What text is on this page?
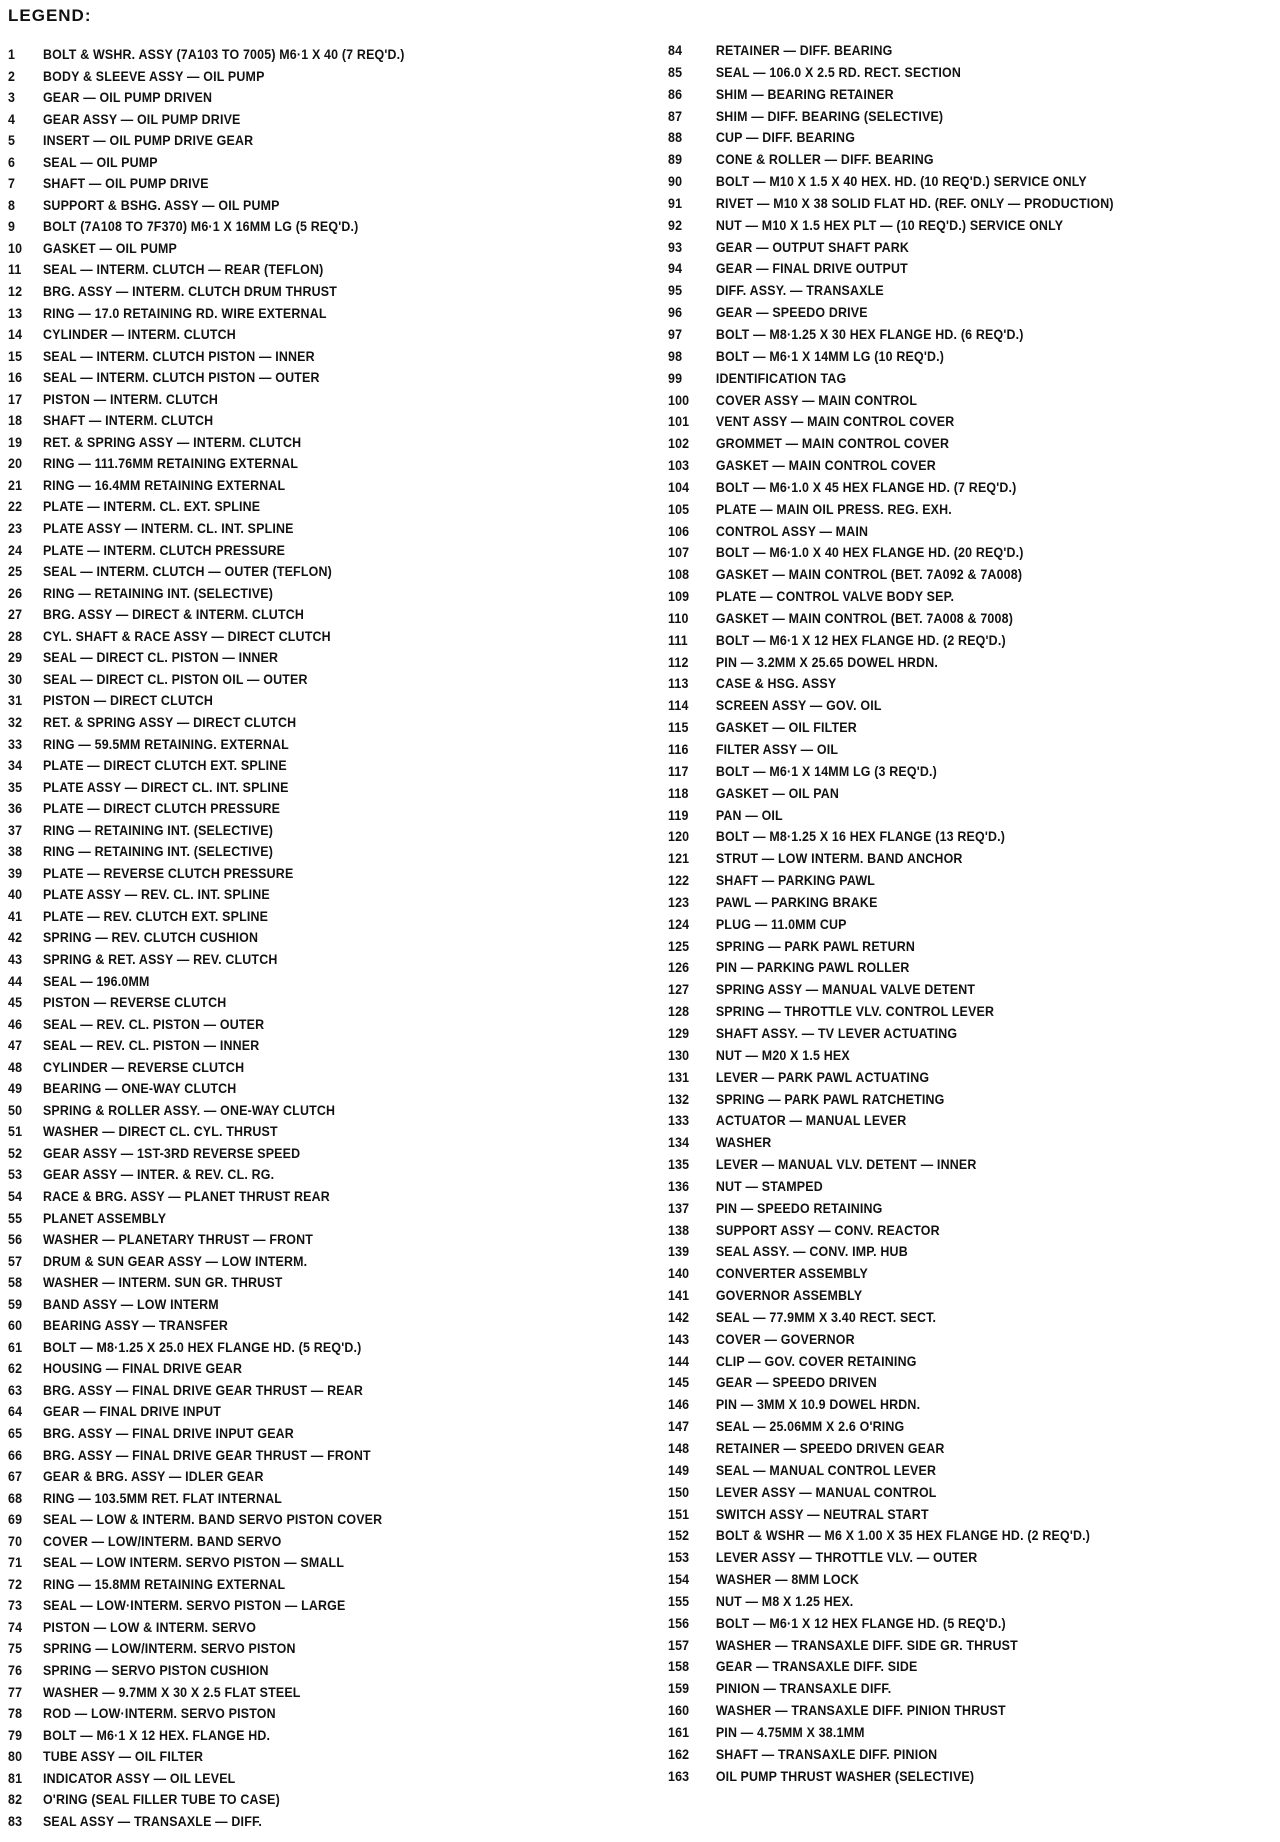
LEGEND:
1	BOLT & WSHR. ASSY (7A103 TO 7005) M6·1 X 40 (7 REQ'D.)
2	BODY & SLEEVE ASSY — OIL PUMP
3	GEAR — OIL PUMP DRIVEN
4	GEAR ASSY — OIL PUMP DRIVE
5	INSERT — OIL PUMP DRIVE GEAR
6	SEAL — OIL PUMP
7	SHAFT — OIL PUMP DRIVE
8	SUPPORT & BSHG. ASSY — OIL PUMP
9	BOLT (7A108 TO 7F370) M6·1 X 16MM LG (5 REQ'D.)
10	GASKET — OIL PUMP
11	SEAL — INTERM. CLUTCH — REAR (TEFLON)
12	BRG. ASSY — INTERM. CLUTCH DRUM THRUST
13	RING — 17.0 RETAINING RD. WIRE EXTERNAL
14	CYLINDER — INTERM. CLUTCH
15	SEAL — INTERM. CLUTCH PISTON — INNER
16	SEAL — INTERM. CLUTCH PISTON — OUTER
17	PISTON — INTERM. CLUTCH
18	SHAFT — INTERM. CLUTCH
19	RET. & SPRING ASSY — INTERM. CLUTCH
20	RING — 111.76MM RETAINING EXTERNAL
21	RING — 16.4MM RETAINING EXTERNAL
22	PLATE — INTERM. CL. EXT. SPLINE
23	PLATE ASSY — INTERM. CL. INT. SPLINE
24	PLATE — INTERM. CLUTCH PRESSURE
25	SEAL — INTERM. CLUTCH — OUTER (TEFLON)
26	RING — RETAINING INT. (SELECTIVE)
27	BRG. ASSY — DIRECT & INTERM. CLUTCH
28	CYL. SHAFT & RACE ASSY — DIRECT CLUTCH
29	SEAL — DIRECT CL. PISTON — INNER
30	SEAL — DIRECT CL. PISTON OIL — OUTER
31	PISTON — DIRECT CLUTCH
32	RET. & SPRING ASSY — DIRECT CLUTCH
33	RING — 59.5MM RETAINING. EXTERNAL
34	PLATE — DIRECT CLUTCH EXT. SPLINE
35	PLATE ASSY — DIRECT CL. INT. SPLINE
36	PLATE — DIRECT CLUTCH PRESSURE
37	RING — RETAINING INT. (SELECTIVE)
38	RING — RETAINING INT. (SELECTIVE)
39	PLATE — REVERSE CLUTCH PRESSURE
40	PLATE ASSY — REV. CL. INT. SPLINE
41	PLATE — REV. CLUTCH EXT. SPLINE
42	SPRING — REV. CLUTCH CUSHION
43	SPRING & RET. ASSY — REV. CLUTCH
44	SEAL — 196.0MM
45	PISTON — REVERSE CLUTCH
46	SEAL — REV. CL. PISTON — OUTER
47	SEAL — REV. CL. PISTON — INNER
48	CYLINDER — REVERSE CLUTCH
49	BEARING — ONE-WAY CLUTCH
50	SPRING & ROLLER ASSY. — ONE-WAY CLUTCH
51	WASHER — DIRECT CL. CYL. THRUST
52	GEAR ASSY — 1ST-3RD REVERSE SPEED
53	GEAR ASSY — INTER. & REV. CL. RG.
54	RACE & BRG. ASSY — PLANET THRUST REAR
55	PLANET ASSEMBLY
56	WASHER — PLANETARY THRUST — FRONT
57	DRUM & SUN GEAR ASSY — LOW INTERM.
58	WASHER — INTERM. SUN GR. THRUST
59	BAND ASSY — LOW INTERM
60	BEARING ASSY — TRANSFER
61	BOLT — M8·1.25 X 25.0 HEX FLANGE HD. (5 REQ'D.)
62	HOUSING — FINAL DRIVE GEAR
63	BRG. ASSY — FINAL DRIVE GEAR THRUST — REAR
64	GEAR — FINAL DRIVE INPUT
65	BRG. ASSY — FINAL DRIVE INPUT GEAR
66	BRG. ASSY — FINAL DRIVE GEAR THRUST — FRONT
67	GEAR & BRG. ASSY — IDLER GEAR
68	RING — 103.5MM RET. FLAT INTERNAL
69	SEAL — LOW & INTERM. BAND SERVO PISTON COVER
70	COVER — LOW/INTERM. BAND SERVO
71	SEAL — LOW INTERM. SERVO PISTON — SMALL
72	RING — 15.8MM RETAINING EXTERNAL
73	SEAL — LOW·INTERM. SERVO PISTON — LARGE
74	PISTON — LOW & INTERM. SERVO
75	SPRING — LOW/INTERM. SERVO PISTON
76	SPRING — SERVO PISTON CUSHION
77	WASHER — 9.7MM X 30 X 2.5 FLAT STEEL
78	ROD — LOW·INTERM. SERVO PISTON
79	BOLT — M6·1 X 12 HEX. FLANGE HD.
80	TUBE ASSY — OIL FILTER
81	INDICATOR ASSY — OIL LEVEL
82	O'RING (SEAL FILLER TUBE TO CASE)
83	SEAL ASSY — TRANSAXLE — DIFF.
84	RETAINER — DIFF. BEARING
85	SEAL — 106.0 X 2.5 RD. RECT. SECTION
86	SHIM — BEARING RETAINER
87	SHIM — DIFF. BEARING (SELECTIVE)
88	CUP — DIFF. BEARING
89	CONE & ROLLER — DIFF. BEARING
90	BOLT — M10 X 1.5 X 40 HEX. HD. (10 REQ'D.) SERVICE ONLY
91	RIVET — M10 X 38 SOLID FLAT HD. (REF. ONLY — PRODUCTION)
92	NUT — M10 X 1.5 HEX PLT — (10 REQ'D.) SERVICE ONLY
93	GEAR — OUTPUT SHAFT PARK
94	GEAR — FINAL DRIVE OUTPUT
95	DIFF. ASSY. — TRANSAXLE
96	GEAR — SPEEDO DRIVE
97	BOLT — M8·1.25 X 30 HEX FLANGE HD. (6 REQ'D.)
98	BOLT — M6·1 X 14MM LG (10 REQ'D.)
99	IDENTIFICATION TAG
100	COVER ASSY — MAIN CONTROL
101	VENT ASSY — MAIN CONTROL COVER
102	GROMMET — MAIN CONTROL COVER
103	GASKET — MAIN CONTROL COVER
104	BOLT — M6·1.0 X 45 HEX FLANGE HD. (7 REQ'D.)
105	PLATE — MAIN OIL PRESS. REG. EXH.
106	CONTROL ASSY — MAIN
107	BOLT — M6·1.0 X 40 HEX FLANGE HD. (20 REQ'D.)
108	GASKET — MAIN CONTROL (BET. 7A092 & 7A008)
109	PLATE — CONTROL VALVE BODY SEP.
110	GASKET — MAIN CONTROL (BET. 7A008 & 7008)
111	BOLT — M6·1 X 12 HEX FLANGE HD. (2 REQ'D.)
112	PIN — 3.2MM X 25.65 DOWEL HRDN.
113	CASE & HSG. ASSY
114	SCREEN ASSY — GOV. OIL
115	GASKET — OIL FILTER
116	FILTER ASSY — OIL
117	BOLT — M6·1 X 14MM LG (3 REQ'D.)
118	GASKET — OIL PAN
119	PAN — OIL
120	BOLT — M8·1.25 X 16 HEX FLANGE (13 REQ'D.)
121	STRUT — LOW INTERM. BAND ANCHOR
122	SHAFT — PARKING PAWL
123	PAWL — PARKING BRAKE
124	PLUG — 11.0MM CUP
125	SPRING — PARK PAWL RETURN
126	PIN — PARKING PAWL ROLLER
127	SPRING ASSY — MANUAL VALVE DETENT
128	SPRING — THROTTLE VLV. CONTROL LEVER
129	SHAFT ASSY. — TV LEVER ACTUATING
130	NUT — M20 X 1.5 HEX
131	LEVER — PARK PAWL ACTUATING
132	SPRING — PARK PAWL RATCHETING
133	ACTUATOR — MANUAL LEVER
134	WASHER
135	LEVER — MANUAL VLV. DETENT — INNER
136	NUT — STAMPED
137	PIN — SPEEDO RETAINING
138	SUPPORT ASSY — CONV. REACTOR
139	SEAL ASSY. — CONV. IMP. HUB
140	CONVERTER ASSEMBLY
141	GOVERNOR ASSEMBLY
142	SEAL — 77.9MM X 3.40 RECT. SECT.
143	COVER — GOVERNOR
144	CLIP — GOV. COVER RETAINING
145	GEAR — SPEEDO DRIVEN
146	PIN — 3MM X 10.9 DOWEL HRDN.
147	SEAL — 25.06MM X 2.6 O'RING
148	RETAINER — SPEEDO DRIVEN GEAR
149	SEAL — MANUAL CONTROL LEVER
150	LEVER ASSY — MANUAL CONTROL
151	SWITCH ASSY — NEUTRAL START
152	BOLT & WSHR — M6 X 1.00 X 35 HEX FLANGE HD. (2 REQ'D.)
153	LEVER ASSY — THROTTLE VLV. — OUTER
154	WASHER — 8MM LOCK
155	NUT — M8 X 1.25 HEX.
156	BOLT — M6·1 X 12 HEX FLANGE HD. (5 REQ'D.)
157	WASHER — TRANSAXLE DIFF. SIDE GR. THRUST
158	GEAR — TRANSAXLE DIFF. SIDE
159	PINION — TRANSAXLE DIFF.
160	WASHER — TRANSAXLE DIFF. PINION THRUST
161	PIN — 4.75MM X 38.1MM
162	SHAFT — TRANSAXLE DIFF. PINION
163	OIL PUMP THRUST WASHER (SELECTIVE)
